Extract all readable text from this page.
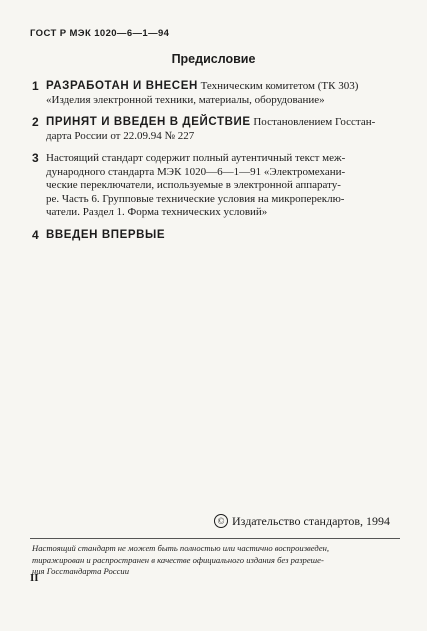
ГОСТ Р МЭК 1020—6—1—94
Предисловие
1 РАЗРАБОТАН И ВНЕСЕН Техническим комитетом (ТК 303)
«Изделия электронной техники, материалы, оборудование»
2 ПРИНЯТ И ВВЕДЕН В ДЕЙСТВИЕ Постановлением Госстан-
дарта России от 22.09.94 № 227
3 Настоящий стандарт содержит полный аутентичный текст меж-
дународного стандарта МЭК 1020—6—1—91 «Электромехани-
ческие переключатели, используемые в электронной аппарату-
ре. Часть 6. Групповые технические условия на микропереклю-
чатели. Раздел 1. Форма технических условий»
4 ВВЕДЕН ВПЕРВЫЕ
© Издательство стандартов, 1994
Настоящий стандарт не может быть полностью или частично воспроизведен,
тиражирован и распространен в качестве официального издания без разреше-
ния Госстандарта России
II
